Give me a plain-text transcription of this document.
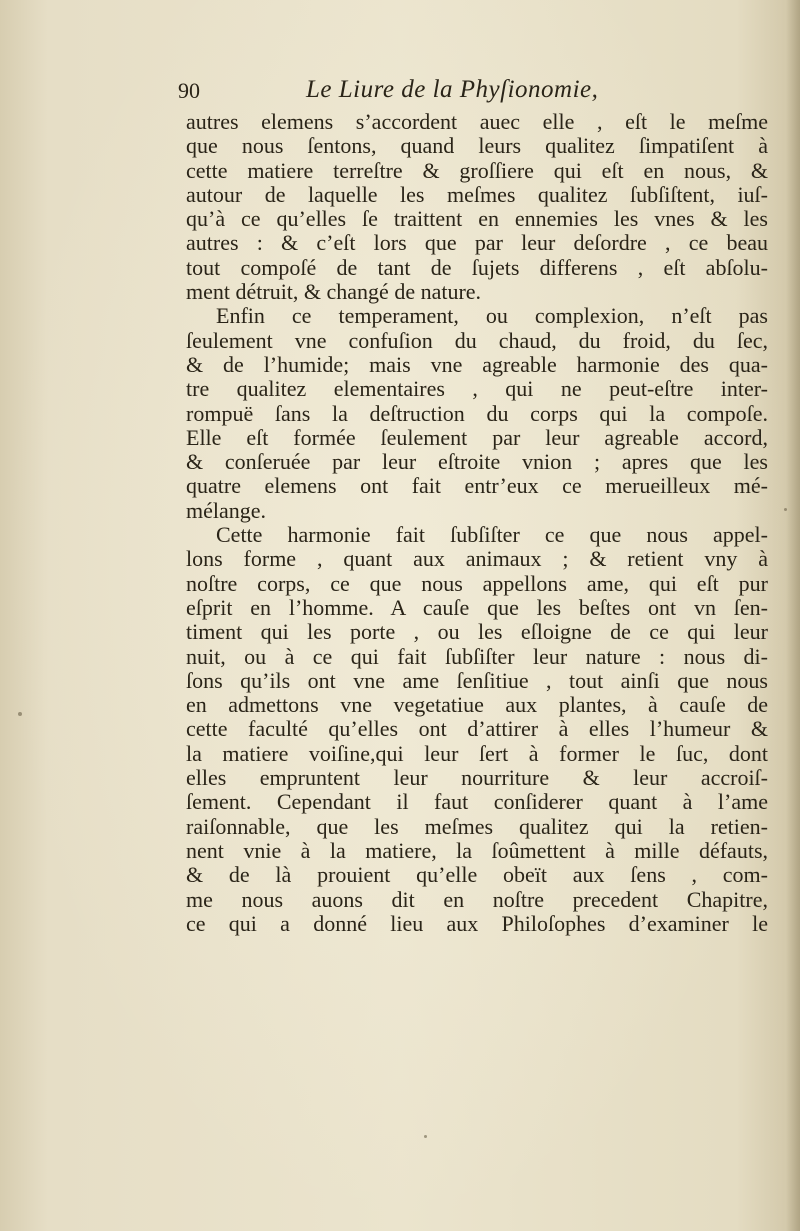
90	Le Liure de la Phyſionomie,
autres elemens s’accordent auec elle , eſt le meſme
que nous ſentons, quand leurs qualitez ſimpatiſent à
cette matiere terreſtre & groſſiere qui eſt en nous, &
autour de laquelle les meſmes qualitez ſubſiſtent, iuſ-
qu’à ce qu’elles ſe traittent en ennemies les vnes & les
autres : & c’eſt lors que par leur deſordre , ce beau
tout compoſé de tant de ſujets differens , eſt abſolu-
ment détruit, & changé de nature.
Enfin ce temperament, ou complexion, n’eſt pas
ſeulement vne confuſion du chaud, du froid, du ſec,
& de l’humide; mais vne agreable harmonie des qua-
tre qualitez elementaires , qui ne peut-eſtre inter-
rompuë ſans la deſtruction du corps qui la compoſe.
Elle eſt formée ſeulement par leur agreable accord,
& conſeruée par leur eſtroite vnion ; apres que les
quatre elemens ont fait entr’eux ce merueilleux mé-
mélange.
Cette harmonie fait ſubſiſter ce que nous appel-
lons forme , quant aux animaux ; & retient vny à
noſtre corps, ce que nous appellons ame, qui eſt pur
eſprit en l’homme. A cauſe que les beſtes ont vn ſen-
timent qui les porte , ou les eſloigne de ce qui leur
nuit, ou à ce qui fait ſubſiſter leur nature : nous di-
ſons qu’ils ont vne ame ſenſitiue , tout ainſi que nous
en admettons vne vegetatiue aux plantes, à cauſe de
cette faculté qu’elles ont d’attirer à elles l’humeur &
la matiere voiſine,qui leur ſert à former le ſuc, dont
elles empruntent leur nourriture & leur accroiſ-
ſement. Cependant il faut conſiderer quant à l’ame
raiſonnable, que les meſmes qualitez qui la retien-
nent vnie à la matiere, la ſoûmettent à mille défauts,
& de là prouient qu’elle obeït aux ſens , com-
me nous auons dit en noſtre precedent Chapitre,
ce qui a donné lieu aux Philoſophes d’examiner le
